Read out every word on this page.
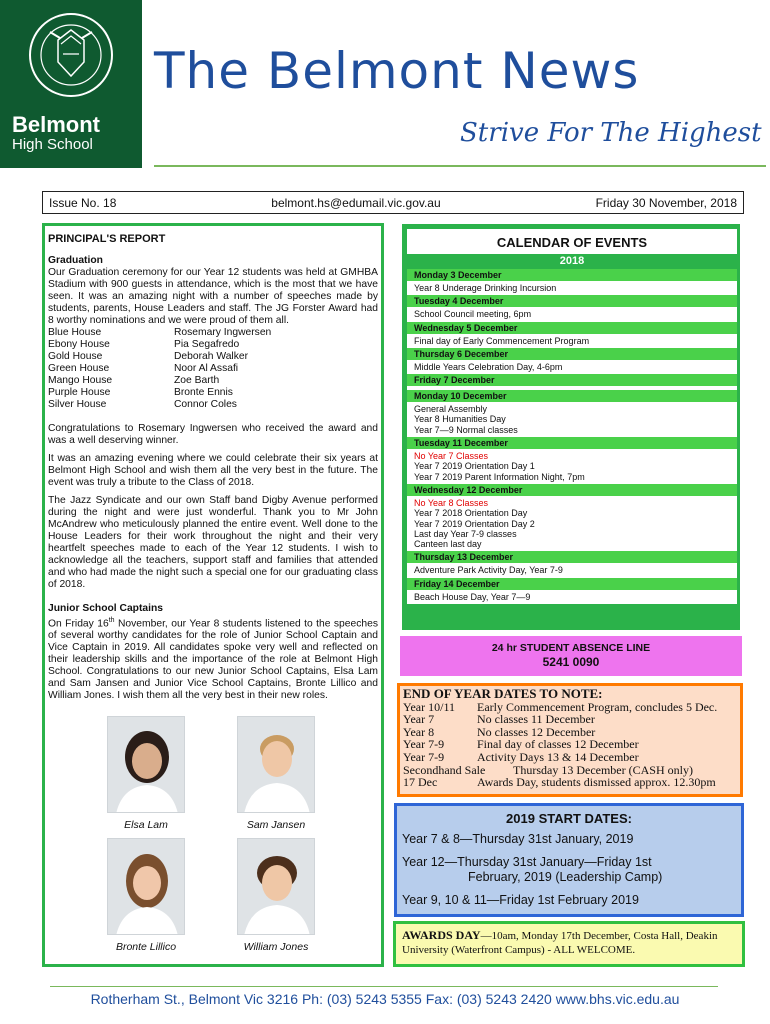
Belmont
High School
The Belmont News
Strive For The Highest
Issue No. 18	belmont.hs@edumail.vic.gov.au	Friday 30 November, 2018
PRINCIPAL'S REPORT
Graduation

Our Graduation ceremony for our Year 12 students was held at GMHBA Stadium with 900 guests in attendance, which is the most that we have seen. It was an amazing night with a number of speeches made by students, parents, House Leaders and staff. The JG Forster Award had 8 worthy nominations and we were proud of them all.

Blue House	Rosemary Ingwersen
Ebony House	Pia Segafredo
Gold House	Deborah Walker
Green House	Noor Al Assafi
Mango House	Zoe Barth
Purple House	Bronte Ennis
Silver House	Connor Coles

Congratulations to Rosemary Ingwersen who received the award and was a well deserving winner.

It was an amazing evening where we could celebrate their six years at Belmont High School and wish them all the very best in the future. The event was truly a tribute to the Class of 2018.

The Jazz Syndicate and our own Staff band Digby Avenue performed during the night and were just wonderful. Thank you to Mr John McAndrew who meticulously planned the entire event. Well done to the House Leaders for their work throughout the night and their very heartfelt speeches made to each of the Year 12 students. I wish to acknowledge all the teachers, support staff and families that attended and who had made the night such a special one for our graduating class of 2018.

Junior School Captains

On Friday 16th November, our Year 8 students listened to the speeches of several worthy candidates for the role of Junior School Captain and Vice Captain in 2019. All candidates spoke very well and reflected on their leadership skills and the importance of the role at Belmont High School. Congratulations to our new Junior School Captains, Elsa Lam and Sam Jansen and Junior Vice School Captains, Bronte Lillico and William Jones. I wish them all the very best in their new roles.

Elsa Lam	Sam Jansen
Bronte Lillico	William Jones
CALENDAR OF EVENTS
2018
Monday 3 December
Year 8 Underage Drinking Incursion
Tuesday 4 December
School Council meeting, 6pm
Wednesday 5 December
Final day of Early Commencement Program
Thursday 6 December
Middle Years Celebration Day, 4-6pm
Friday 7 December
Monday 10 December
General Assembly
Year 8 Humanities Day
Year 7—9 Normal classes
Tuesday 11 December
No Year 7 Classes
Year 7 2019 Orientation Day 1
Year 7 2019 Parent Information Night, 7pm
Wednesday 12 December
No Year 8 Classes
Year 7 2018 Orientation Day
Year 7 2019 Orientation Day 2
Last day Year 7-9 classes
Canteen last day
Thursday 13 December
Adventure Park Activity Day, Year 7-9
Friday 14 December
Beach House Day, Year 7—9
24 hr STUDENT ABSENCE LINE
5241 0090
END OF YEAR DATES TO NOTE:
Year 10/11	Early Commencement Program, concludes 5 Dec.
Year 7	No classes 11 December
Year 8	No classes 12 December
Year 7-9	Final day of classes 12 December
Year 7-9	Activity Days 13 & 14 December
Secondhand Sale	Thursday 13 December (CASH only)
17 Dec	Awards Day, students dismissed approx. 12.30pm
2019 START DATES:
Year 7 & 8—Thursday 31st January, 2019
Year 12—Thursday 31st January—Friday 1st
February, 2019 (Leadership Camp)
Year 9, 10 & 11—Friday 1st February 2019
AWARDS DAY—10am, Monday 17th December, Costa Hall, Deakin University (Waterfront Campus) - ALL WELCOME.
Rotherham St., Belmont Vic 3216 Ph: (03) 5243 5355 Fax: (03) 5243 2420 www.bhs.vic.edu.au
